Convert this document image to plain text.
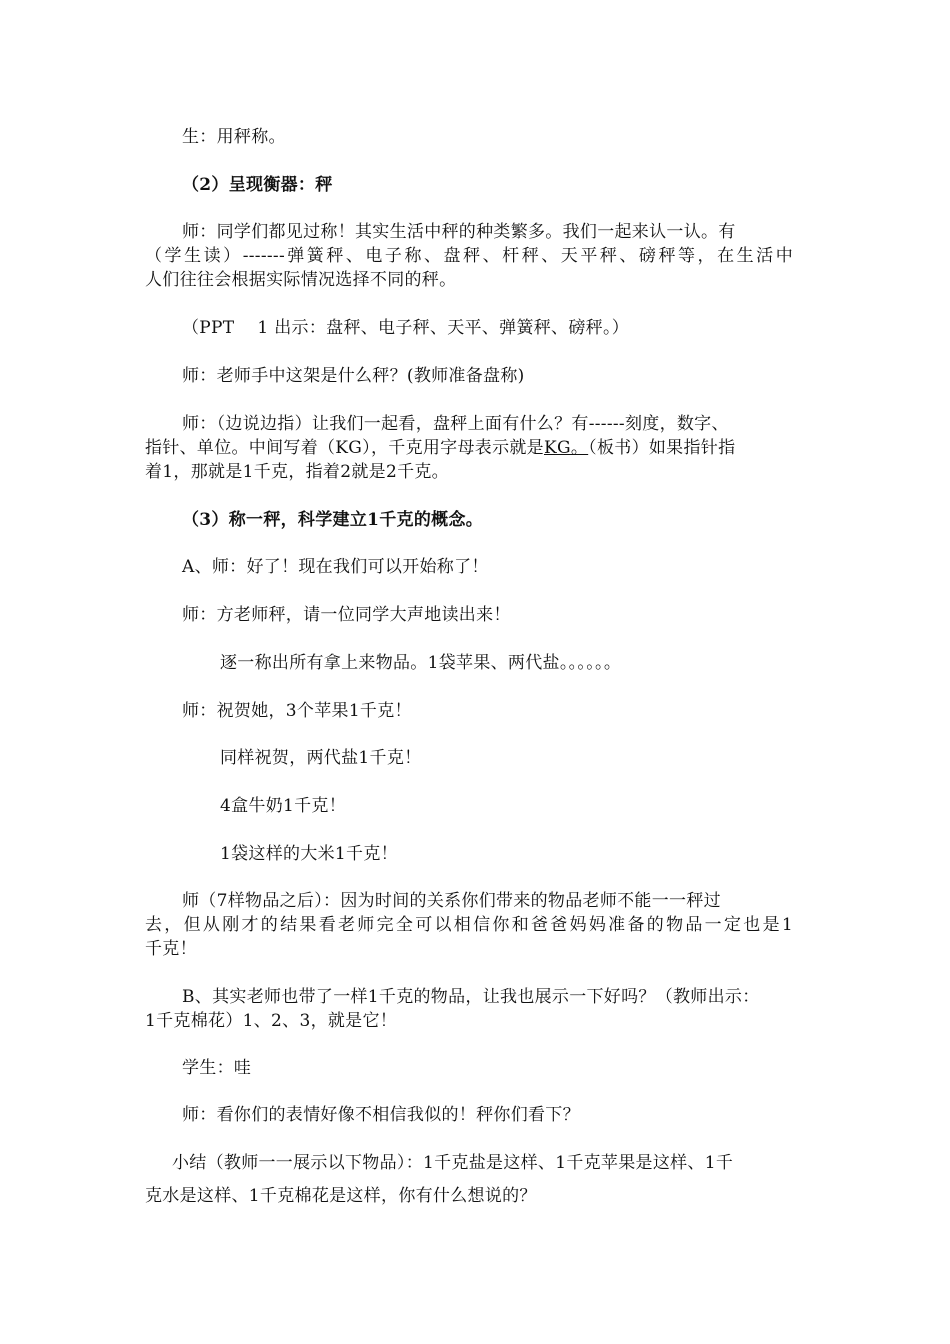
生：用秤称。
（2）呈现衡器：秤
师：同学们都见过称！其实生活中秤的种类繁多。我们一起来认一认。有
（学生读）-------弹簧秤、电子称、盘秤、杆秤、天平秤、磅秤等，在生活中
人们往往会根据实际情况选择不同的秤。
（PPT　 1 出示：盘秤、电子秤、天平、弹簧秤、磅秤。）
师：老师手中这架是什么秤？(教师准备盘称)
师：（边说边指）让我们一起看，盘秤上面有什么？有------刻度，数字、
指针、单位。中间写着（KG），千克用字母表示就是KG。（板书）如果指针指
着1，那就是1千克，指着2就是2千克。
（3）称一秤，科学建立1千克的概念。
A、师：好了！现在我们可以开始称了！
师：方老师秤，请一位同学大声地读出来！
逐一称出所有拿上来物品。1袋苹果、两代盐。。。。。。
师：祝贺她，3个苹果1千克！
同样祝贺，两代盐1千克！
4盒牛奶1千克！
1袋这样的大米1千克！
师（7样物品之后）：因为时间的关系你们带来的物品老师不能一一秤过
去，但从刚才的结果看老师完全可以相信你和爸爸妈妈准备的物品一定也是1
千克！
B、其实老师也带了一样1千克的物品，让我也展示一下好吗？（教师出示：
1千克棉花）1、2、3，就是它！
学生：哇
师：看你们的表情好像不相信我似的！秤你们看下？
小结（教师一一展示以下物品）：1千克盐是这样、1千克苹果是这样、1千
克水是这样、1千克棉花是这样，你有什么想说的？
